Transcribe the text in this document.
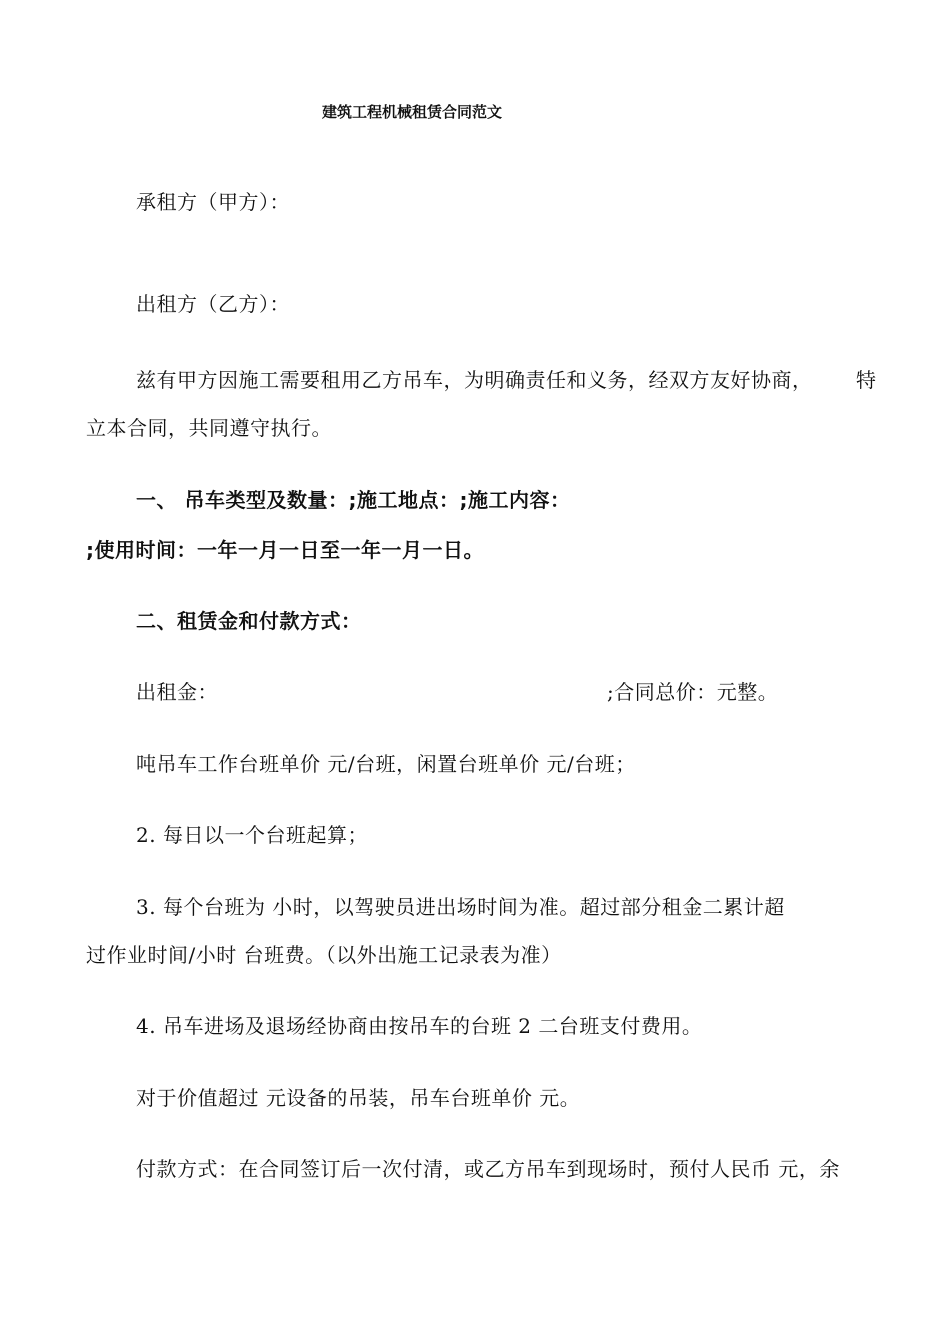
建筑工程机械租赁合同范文
承租方（甲方）：
出租方（乙方）：
兹有甲方因施工需要租用乙方吊车，为明确责任和义务，经双方友好协商， 特
立本合同，共同遵守执行。
一、 吊车类型及数量：;施工地点：;施工内容：
;使用时间：一年一月一日至一年一月一日。
二、租赁金和付款方式：
出租金：	;合同总价：元整。
吨吊车工作台班单价 元/台班，闲置台班单价 元/台班；
2. 每日以一个台班起算；
3. 每个台班为 小时，以驾驶员进出场时间为准。超过部分租金二累计超
过作业时间/小时 台班费。（以外出施工记录表为准）
4. 吊车进场及退场经协商由按吊车的台班 2 二台班支付费用。
对于价值超过 元设备的吊装，吊车台班单价 元。
付款方式：在合同签订后一次付清，或乙方吊车到现场时，预付人民币 元，余
